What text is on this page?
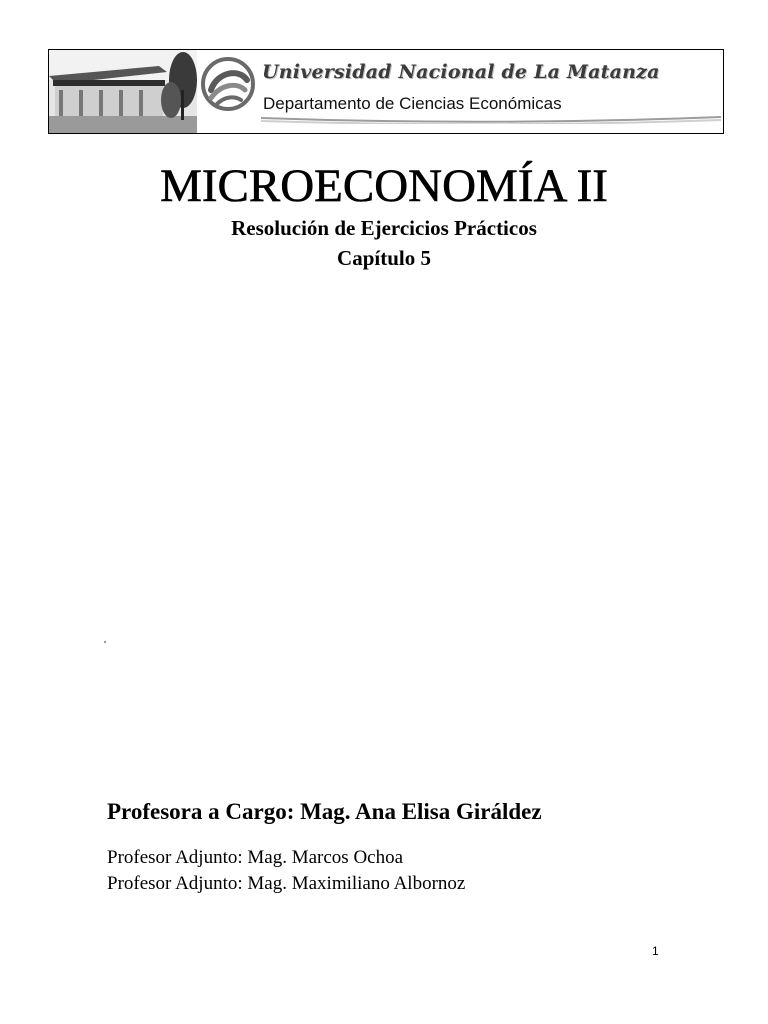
Universidad Nacional de La Matanza
Departamento de Ciencias Económicas
MICROECONOMÍA II
Resolución de Ejercicios Prácticos
Capítulo 5
Profesora a Cargo: Mag. Ana Elisa Giráldez
Profesor Adjunto: Mag. Marcos Ochoa
Profesor Adjunto: Mag. Maximiliano Albornoz
1
